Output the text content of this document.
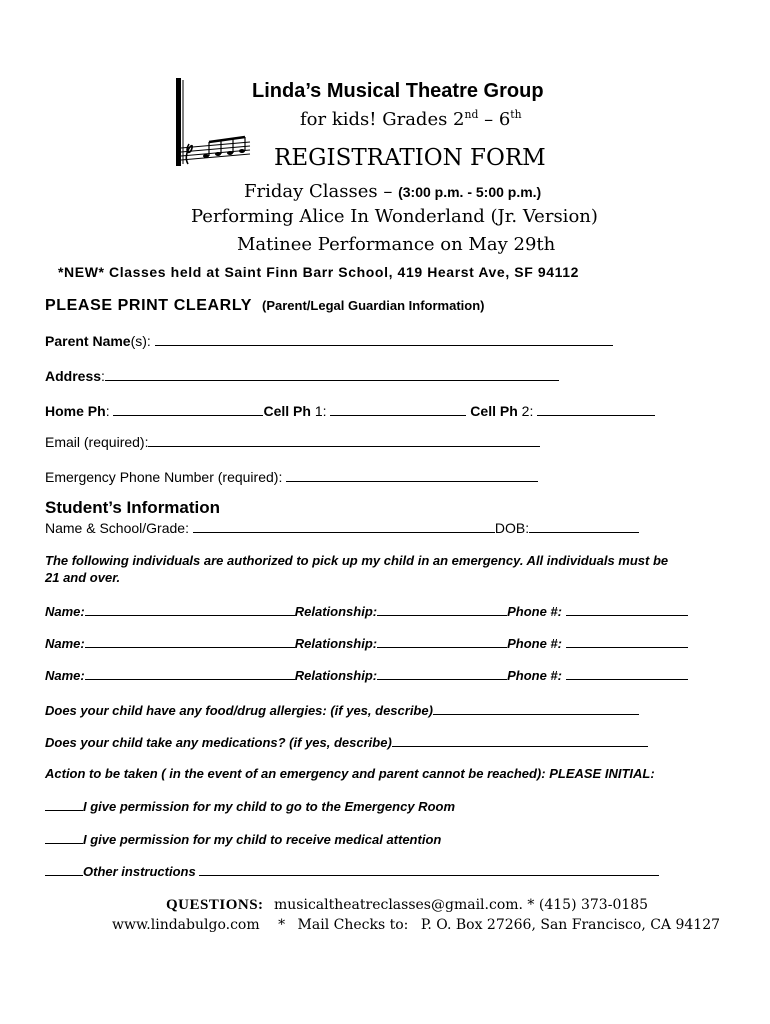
Linda’s Musical Theatre Group
for kids! Grades 2nd – 6th
REGISTRATION FORM
Friday Classes – (3:00 p.m. - 5:00 p.m.)
Performing Alice In Wonderland (Jr. Version)
Matinee Performance on May 29th
*NEW* Classes held at Saint Finn Barr School, 419 Hearst Ave, SF 94112
PLEASE PRINT CLEARLY (Parent/Legal Guardian Information)
Parent Name(s):
Address:
Home Ph:	Cell Ph 1:	Cell Ph 2:
Email (required):
Emergency Phone Number (required):
Student’s Information
Name & School/Grade:	DOB:
The following individuals are authorized to pick up my child in an emergency. All individuals must be
21 and over.
Name:	Relationship:	Phone #:
Name:	Relationship:	Phone #:
Name:	Relationship:	Phone #:
Does your child have any food/drug allergies: (if yes, describe)
Does your child take any medications? (if yes, describe)
Action to be taken ( in the event of an emergency and parent cannot be reached): PLEASE INITIAL:
I give permission for my child to go to the Emergency Room
I give permission for my child to receive medical attention
Other instructions
QUESTIONS: musicaltheatreclasses@gmail.com. * (415) 373-0185
www.lindabulgo.com * Mail Checks to: P. O. Box 27266, San Francisco, CA 94127
